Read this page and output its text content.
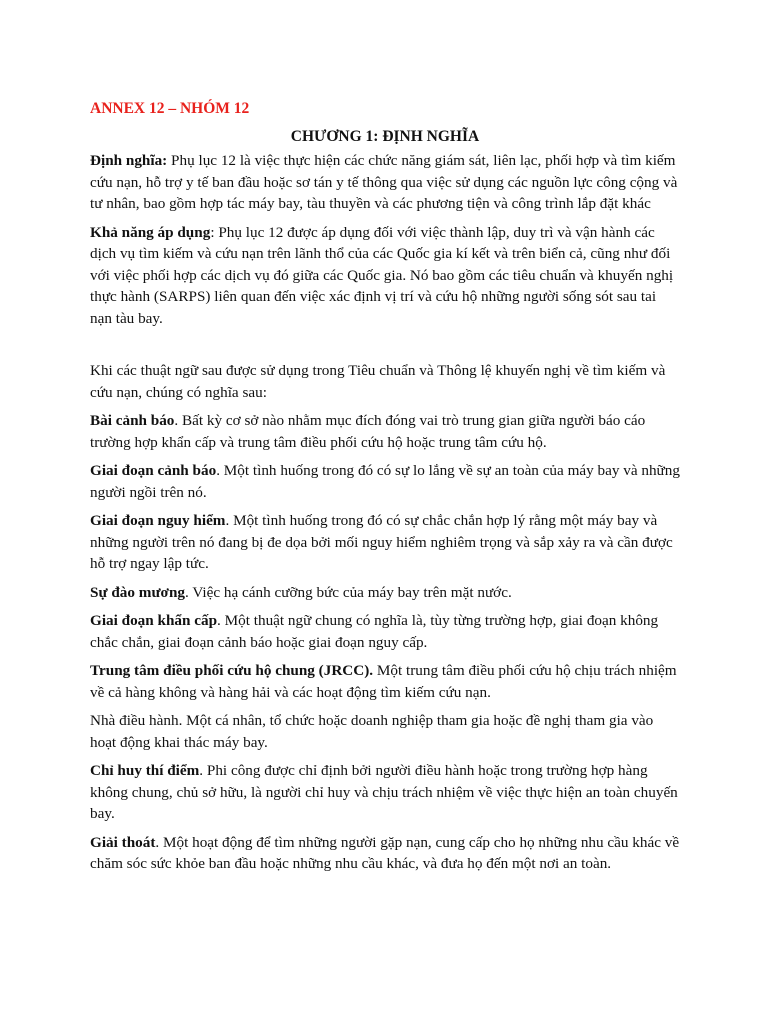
ANNEX 12 – NHÓM 12
CHƯƠNG 1: ĐỊNH NGHĨA

Định nghĩa: Phụ lục 12 là việc thực hiện các chức năng giám sát, liên lạc, phối hợp và tìm kiếm cứu nạn, hỗ trợ y tế ban đầu hoặc sơ tán y tế thông qua việc sử dụng các nguồn lực công cộng và tư nhân, bao gồm hợp tác máy bay, tàu thuyền và các phương tiện và công trình lắp đặt khác

Khả năng áp dụng: Phụ lục 12 được áp dụng đối với việc thành lập, duy trì và vận hành các dịch vụ tìm kiếm và cứu nạn trên lãnh thổ của các Quốc gia kí kết và trên biển cả, cũng như đối với việc phối hợp các dịch vụ đó giữa các Quốc gia. Nó bao gồm các tiêu chuẩn và khuyến nghị thực hành (SARPS) liên quan đến việc xác định vị trí và cứu hộ những người sống sót sau tai nạn tàu bay.

Khi các thuật ngữ sau được sử dụng trong Tiêu chuẩn và Thông lệ khuyến nghị về tìm kiếm và cứu nạn, chúng có nghĩa sau:

Bài cảnh báo. Bất kỳ cơ sở nào nhằm mục đích đóng vai trò trung gian giữa người báo cáo trường hợp khẩn cấp và trung tâm điều phối cứu hộ hoặc trung tâm cứu hộ.

Giai đoạn cảnh báo. Một tình huống trong đó có sự lo lắng về sự an toàn của máy bay và những người ngồi trên nó.

Giai đoạn nguy hiểm. Một tình huống trong đó có sự chắc chắn hợp lý rằng một máy bay và những người trên nó đang bị đe dọa bởi mối nguy hiểm nghiêm trọng và sắp xảy ra và cần được hỗ trợ ngay lập tức.

Sự đào mương. Việc hạ cánh cưỡng bức của máy bay trên mặt nước.

Giai đoạn khẩn cấp. Một thuật ngữ chung có nghĩa là, tùy từng trường hợp, giai đoạn không chắc chắn, giai đoạn cảnh báo hoặc giai đoạn nguy cấp.

Trung tâm điều phối cứu hộ chung (JRCC). Một trung tâm điều phối cứu hộ chịu trách nhiệm về cả hàng không và hàng hải và các hoạt động tìm kiếm cứu nạn.

Nhà điều hành. Một cá nhân, tổ chức hoặc doanh nghiệp tham gia hoặc đề nghị tham gia vào hoạt động khai thác máy bay.

Chỉ huy thí điểm. Phi công được chỉ định bởi người điều hành hoặc trong trường hợp hàng không chung, chủ sở hữu, là người chỉ huy và chịu trách nhiệm về việc thực hiện an toàn chuyến bay.

Giải thoát. Một hoạt động để tìm những người gặp nạn, cung cấp cho họ những nhu cầu khác về chăm sóc sức khỏe ban đầu hoặc những nhu cầu khác, và đưa họ đến một nơi an toàn.
